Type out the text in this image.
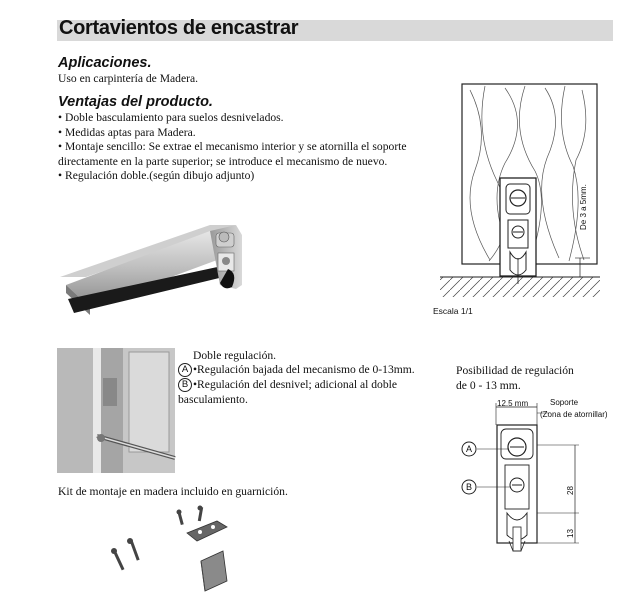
Cortavientos de encastrar
Aplicaciones.
Uso en carpintería de Madera.
Ventajas del producto.
• Doble basculamiento para suelos desnivelados.
• Medidas aptas para Madera.
• Montaje sencillo: Se extrae el mecanismo interior y se atornilla el soporte directamente en la parte superior; se introduce el mecanismo de nuevo.
• Regulación doble.(según dibujo adjunto)
De 3 a 5mm.
Escala 1/1
Doble regulación.
A •Regulación bajada del mecanismo de 0-13mm.
B •Regulación del desnivel; adicional al doble basculamiento.
Posibilidad de regulación
de 0 - 13 mm.
12.5 mm	Soporte
(Zona de atornillar)
A
B	28
13
Kit de montaje en madera incluido en guarnición.
